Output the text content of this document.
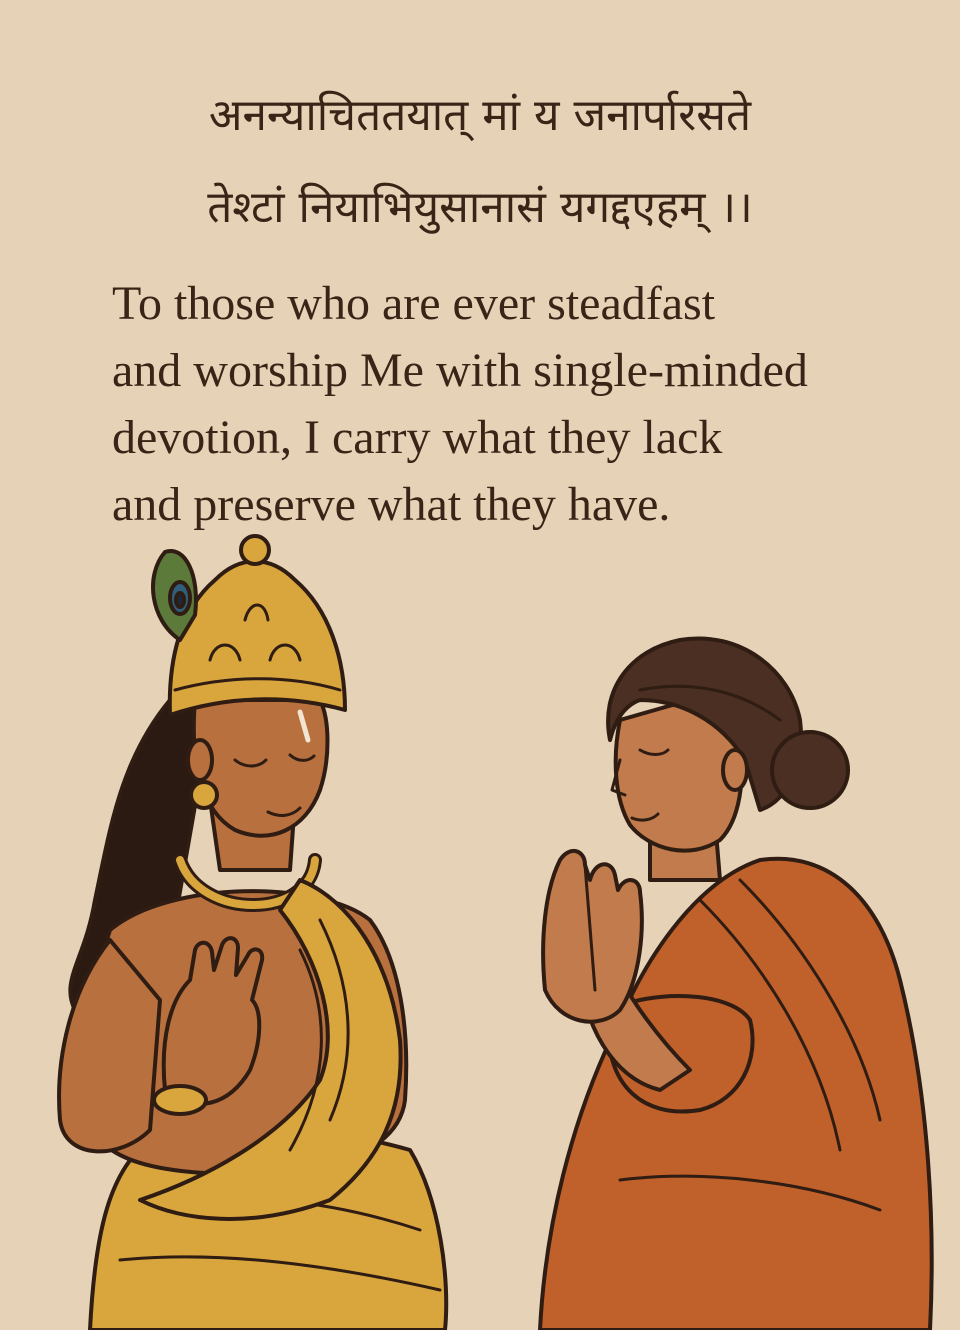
अनन्याचिततयात् मां य जनार्पारसते
तेश्टां नियाभियुसानासं यगद्दएहम् ।।
To those who are ever steadfast
and worship Me with single-minded
devotion, I carry what they lack
and preserve what they have.
